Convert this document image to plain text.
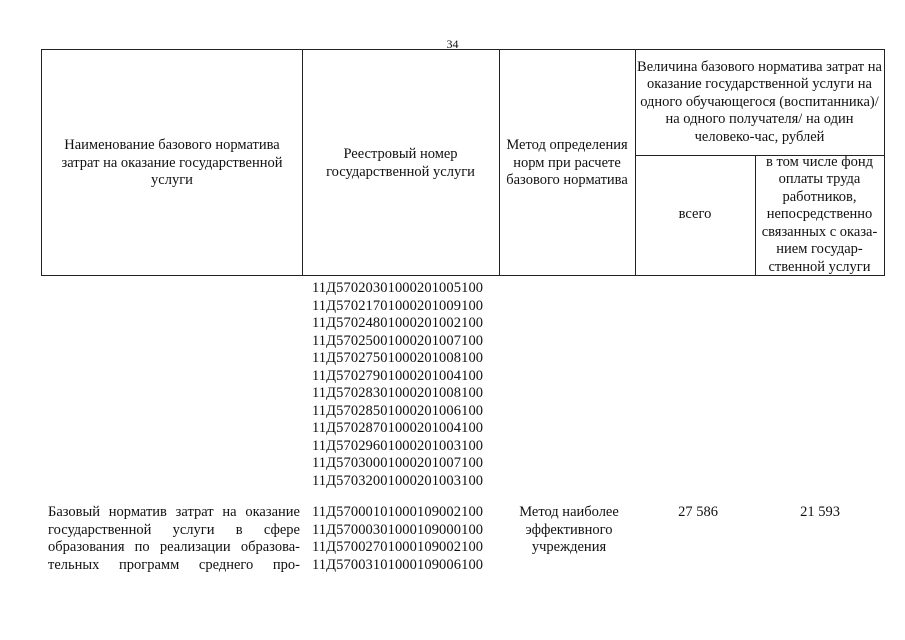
34
Наименование базового норматива затрат на оказание государственной услуги
Реестровый номер государственной услуги
Метод определения норм при расчете базового норматива
Величина базового норматива затрат на оказание государственной услуги на одного обучающегося (воспитанника)/ на одного получателя/ на один человеко-час, рублей
всего
в том числе фонд оплаты труда работников, непосредственно связанных с оказа-нием государ-ственной услуги
11Д57020301000201005100
11Д57021701000201009100
11Д57024801000201002100
11Д57025001000201007100
11Д57027501000201008100
11Д57027901000201004100
11Д57028301000201008100
11Д57028501000201006100
11Д57028701000201004100
11Д57029601000201003100
11Д57030001000201007100
11Д57032001000201003100
Базовый норматив затрат на оказание
государственной услуги в сфере
образования по реализации образова-
тельных программ среднего про-
11Д57000101000109002100
11Д57000301000109000100
11Д57002701000109002100
11Д57003101000109006100
Метод наиболее эффективного учреждения
27 586	21 593
